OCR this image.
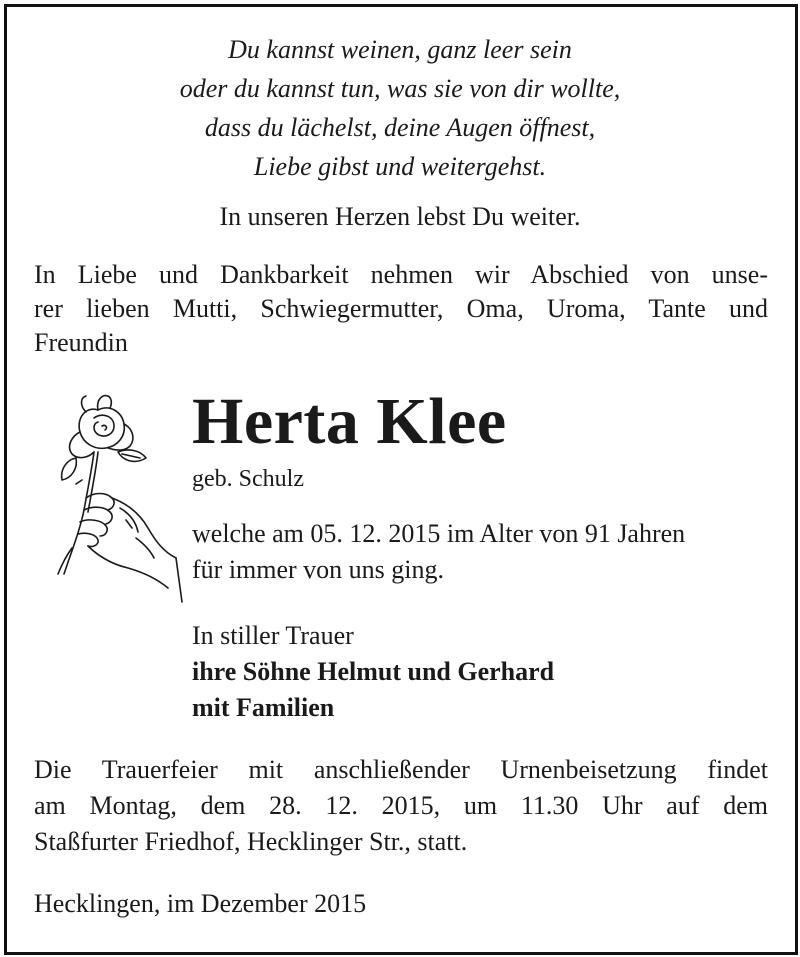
Du kannst weinen, ganz leer sein
oder du kannst tun, was sie von dir wollte,
dass du lächelst, deine Augen öffnest,
Liebe gibst und weitergehst.
In unseren Herzen lebst Du weiter.
In Liebe und Dankbarkeit nehmen wir Abschied von unse-
rer lieben Mutti, Schwiegermutter, Oma, Uroma, Tante und
Freundin
Herta Klee
geb. Schulz
welche am 05. 12. 2015 im Alter von 91 Jahren
für immer von uns ging.
In stiller Trauer
ihre Söhne Helmut und Gerhard
mit Familien
Die Trauerfeier mit anschließender Urnenbeisetzung findet
am Montag, dem 28. 12. 2015, um 11.30 Uhr auf dem
Staßfurter Friedhof, Hecklinger Str., statt.
Hecklingen, im Dezember 2015
